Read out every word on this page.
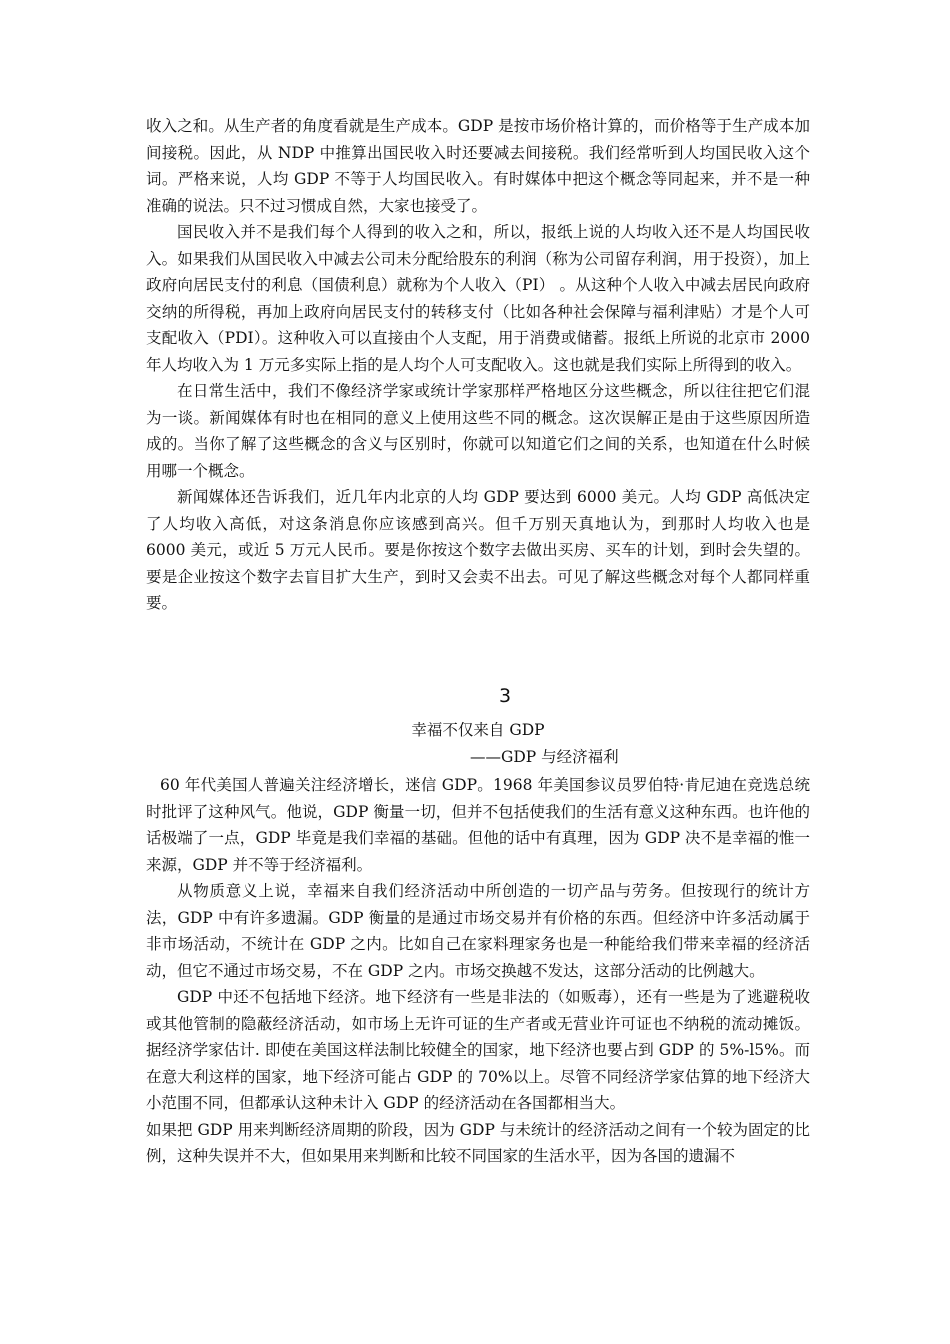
收入之和。从生产者的角度看就是生产成本。GDP 是按市场价格计算的，而价格等于生产成本加间接税。因此，从 NDP 中推算出国民收入时还要减去间接税。我们经常听到人均国民收入这个词。严格来说，人均 GDP 不等于人均国民收入。有时媒体中把这个概念等同起来，并不是一种准确的说法。只不过习惯成自然，大家也接受了。

国民收入并不是我们每个人得到的收入之和，所以，报纸上说的人均收入还不是人均国民收入。如果我们从国民收入中减去公司未分配给股东的利润（称为公司留存利润，用于投资），加上政府向居民支付的利息（国债利息）就称为个人收入（PI） 。从这种个人收入中减去居民向政府交纳的所得税，再加上政府向居民支付的转移支付（比如各种社会保障与福利津贴）才是个人可支配收入（PDI）。这种收入可以直接由个人支配，用于消费或储蓄。报纸上所说的北京市 2000 年人均收入为 1 万元多实际上指的是人均个人可支配收入。这也就是我们实际上所得到的收入。

在日常生活中，我们不像经济学家或统计学家那样严格地区分这些概念，所以往往把它们混为一谈。新闻媒体有时也在相同的意义上使用这些不同的概念。这次误解正是由于这些原因所造成的。当你了解了这些概念的含义与区别时，你就可以知道它们之间的关系，也知道在什么时候用哪一个概念。

新闻媒体还告诉我们，近几年内北京的人均 GDP 要达到 6000 美元。人均 GDP 高低决定了人均收入高低，对这条消息你应该感到高兴。但千万别天真地认为，到那时人均收入也是 6000 美元，或近 5 万元人民币。要是你按这个数字去做出买房、买车的计划，到时会失望的。要是企业按这个数字去盲目扩大生产，到时又会卖不出去。可见了解这些概念对每个人都同样重要。

3
幸福不仅来自 GDP
——GDP 与经济福利

60 年代美国人普遍关注经济增长，迷信 GDP。1968 年美国参议员罗伯特·肯尼迪在竞选总统时批评了这种风气。他说，GDP 衡量一切，但并不包括使我们的生活有意义这种东西。也许他的话极端了一点，GDP 毕竟是我们幸福的基础。但他的话中有真理，因为 GDP 决不是幸福的惟一来源，GDP 并不等于经济福利。

从物质意义上说，幸福来自我们经济活动中所创造的一切产品与劳务。但按现行的统计方法，GDP 中有许多遗漏。GDP 衡量的是通过市场交易并有价格的东西。但经济中许多活动属于非市场活动，不统计在 GDP 之内。比如自己在家料理家务也是一种能给我们带来幸福的经济活动，但它不通过市场交易，不在 GDP 之内。市场交换越不发达，这部分活动的比例越大。

GDP 中还不包括地下经济。地下经济有一些是非法的（如贩毒），还有一些是为了逃避税收或其他管制的隐蔽经济活动，如市场上无许可证的生产者或无营业许可证也不纳税的流动摊饭。据经济学家估计. 即使在美国这样法制比较健全的国家，地下经济也要占到 GDP 的 5%-l5%。而在意大利这样的国家，地下经济可能占 GDP 的 70%以上。尽管不同经济学家估算的地下经济大小范围不同，但都承认这种未计入 GDP 的经济活动在各国都相当大。

如果把 GDP 用来判断经济周期的阶段，因为 GDP 与未统计的经济活动之间有一个较为固定的比例，这种失误并不大，但如果用来判断和比较不同国家的生活水平，因为各国的遗漏不
